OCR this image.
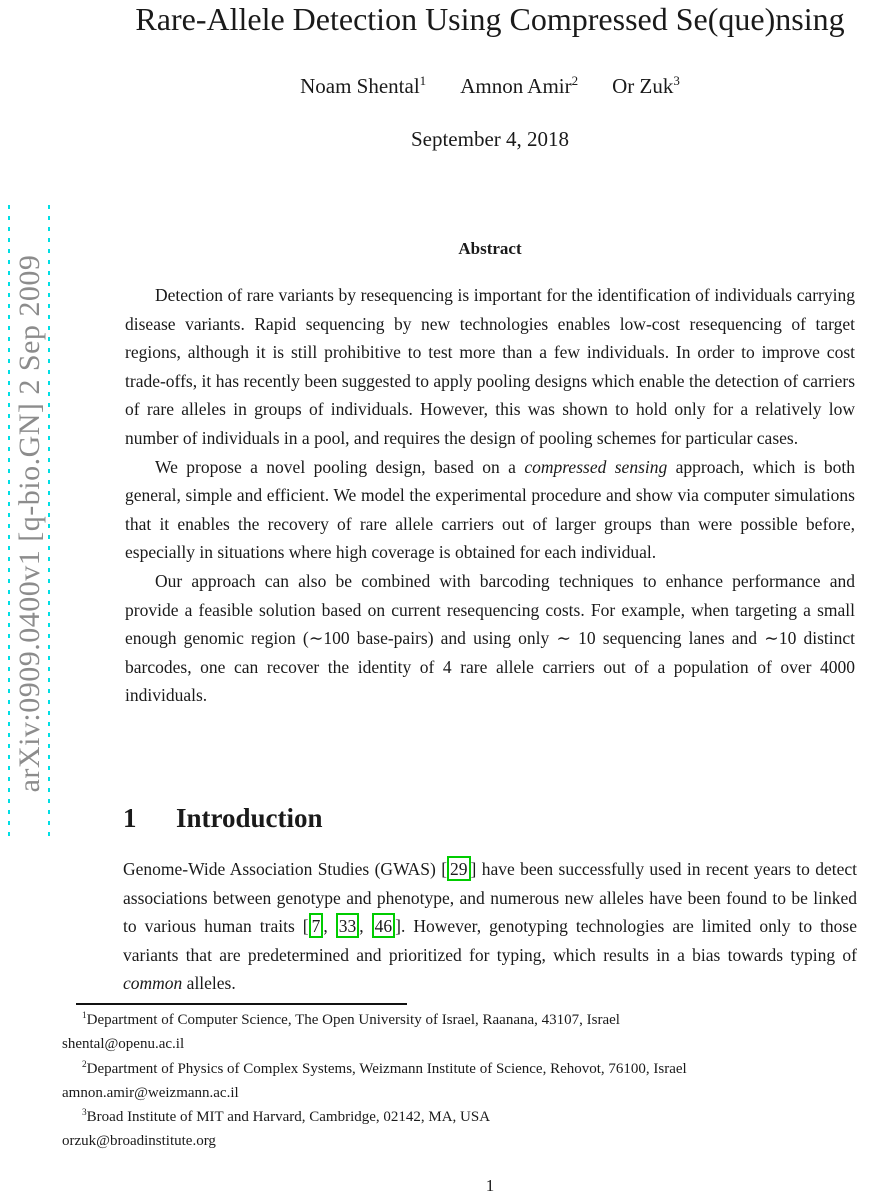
arXiv:0909.0400v1 [q-bio.GN] 2 Sep 2009
Rare-Allele Detection Using Compressed Se(que)nsing
Noam Shental$^1$ Amnon Amir$^2$ Or Zuk$^3$
September 4, 2018
Abstract

Detection of rare variants by resequencing is important for the identification of individuals carrying disease variants. Rapid sequencing by new technologies enables low-cost resequencing of target regions, although it is still prohibitive to test more than a few individuals. In order to improve cost trade-offs, it has recently been suggested to apply pooling designs which enable the detection of carriers of rare alleles in groups of individuals. However, this was shown to hold only for a relatively low number of individuals in a pool, and requires the design of pooling schemes for particular cases.

We propose a novel pooling design, based on a compressed sensing approach, which is both general, simple and efficient. We model the experimental procedure and show via computer simulations that it enables the recovery of rare allele carriers out of larger groups than were possible before, especially in situations where high coverage is obtained for each individual.

Our approach can also be combined with barcoding techniques to enhance performance and provide a feasible solution based on current resequencing costs. For example, when targeting a small enough genomic region (∼100 base-pairs) and using only ∼ 10 sequencing lanes and ∼10 distinct barcodes, one can recover the identity of 4 rare allele carriers out of a population of over 4000 individuals.

1 Introduction

Genome-Wide Association Studies (GWAS) [ 29 ] have been successfully used in recent years to detect associations between genotype and phenotype, and numerous new alleles have been found to be linked to various human traits [ 7 , 33 , 46 ]. However, genotyping technologies are limited only to those variants that are predetermined and prioritized for typing, which results in a bias towards typing of common alleles.

$^1$Department of Computer Science, The Open University of Israel, Raanana, 43107, Israel
shental@openu.ac.il
$^2$Department of Physics of Complex Systems, Weizmann Institute of Science, Rehovot, 76100, Israel
amnon.amir@weizmann.ac.il
$^3$Broad Institute of MIT and Harvard, Cambridge, 02142, MA, USA
orzuk@broadinstitute.org
1
